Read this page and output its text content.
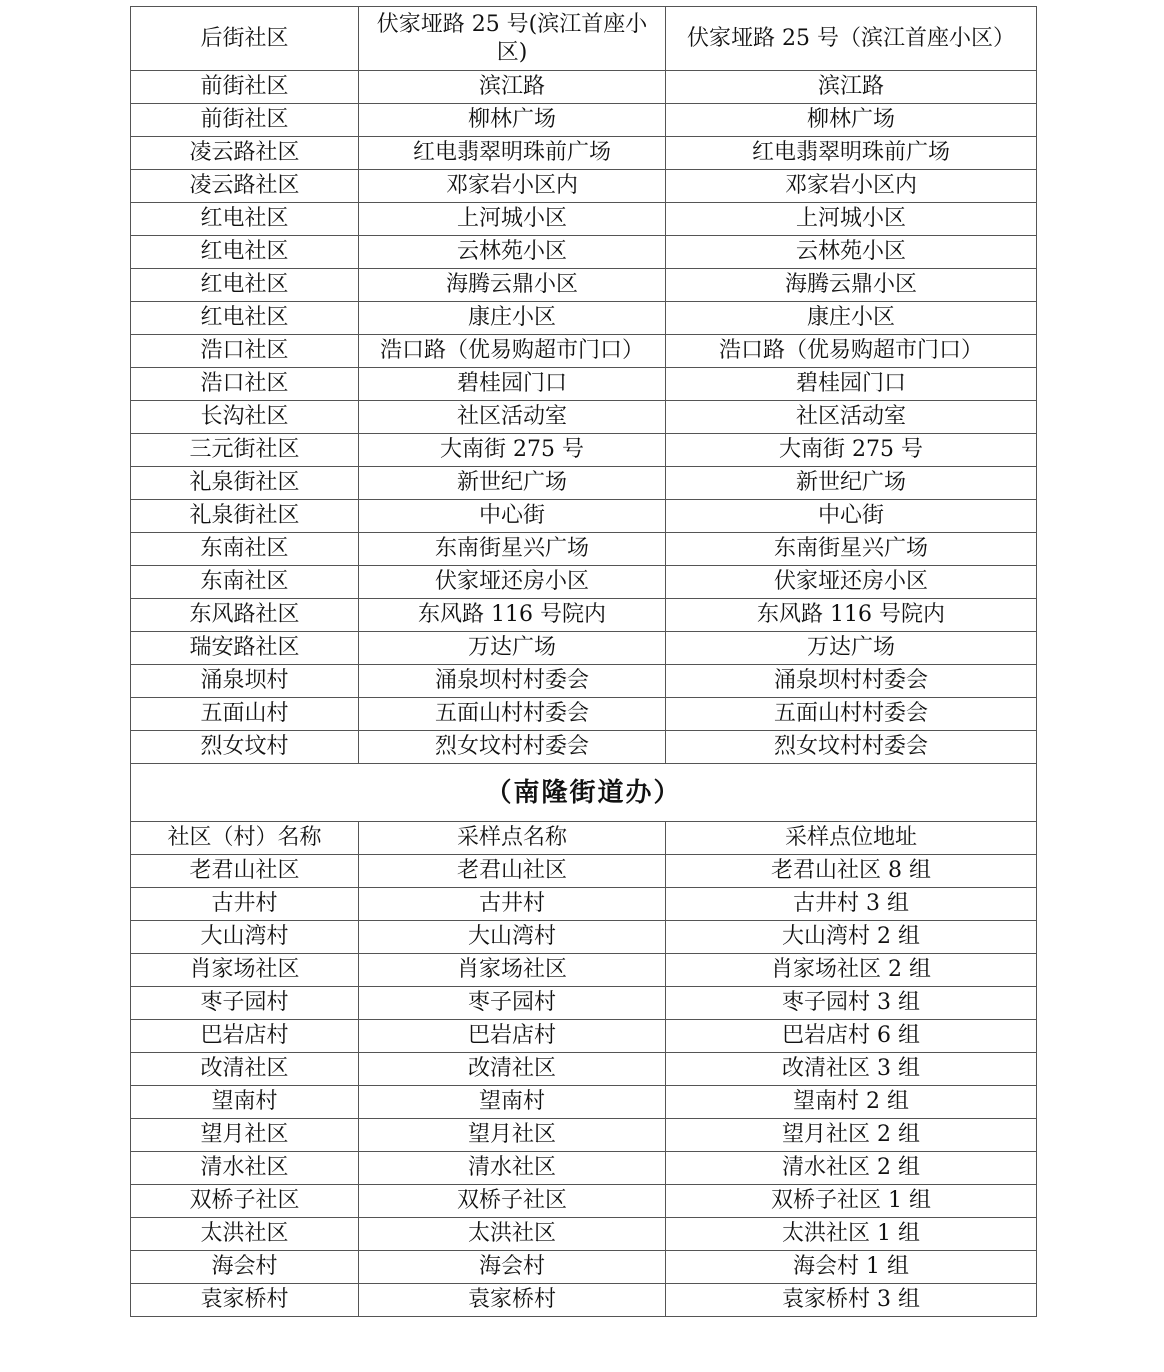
后街社区	伏家垭路 25 号(滨江首座小区)	伏家垭路 25 号（滨江首座小区）
前街社区	滨江路	滨江路
前街社区	柳林广场	柳林广场
凌云路社区	红电翡翠明珠前广场	红电翡翠明珠前广场
凌云路社区	邓家岩小区内	邓家岩小区内
红电社区	上河城小区	上河城小区
红电社区	云林苑小区	云林苑小区
红电社区	海腾云鼎小区	海腾云鼎小区
红电社区	康庄小区	康庄小区
浩口社区	浩口路（优易购超市门口）	浩口路（优易购超市门口）
浩口社区	碧桂园门口	碧桂园门口
长沟社区	社区活动室	社区活动室
三元街社区	大南街 275 号	大南街 275 号
礼泉街社区	新世纪广场	新世纪广场
礼泉街社区	中心街	中心街
东南社区	东南街星兴广场	东南街星兴广场
东南社区	伏家垭还房小区	伏家垭还房小区
东风路社区	东风路 116 号院内	东风路 116 号院内
瑞安路社区	万达广场	万达广场
涌泉坝村	涌泉坝村村委会	涌泉坝村村委会
五面山村	五面山村村委会	五面山村村委会
烈女坟村	烈女坟村村委会	烈女坟村村委会
（南隆街道办）		
社区（村）名称	采样点名称	采样点位地址
老君山社区	老君山社区	老君山社区 8 组
古井村	古井村	古井村 3 组
大山湾村	大山湾村	大山湾村 2 组
肖家场社区	肖家场社区	肖家场社区 2 组
枣子园村	枣子园村	枣子园村 3 组
巴岩店村	巴岩店村	巴岩店村 6 组
改清社区	改清社区	改清社区 3 组
望南村	望南村	望南村 2 组
望月社区	望月社区	望月社区 2 组
清水社区	清水社区	清水社区 2 组
双桥子社区	双桥子社区	双桥子社区 1 组
太洪社区	太洪社区	太洪社区 1 组
海会村	海会村	海会村 1 组
袁家桥村	袁家桥村	袁家桥村 3 组
